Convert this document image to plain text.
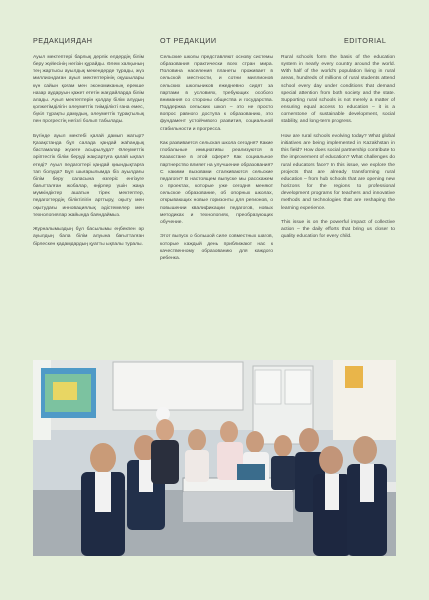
РЕДАКЦИЯДАН	ОТ РЕДАКЦИИ	EDITORIAL

Ауыл мектептері барлық дерлік елдердің білім беру жүйесінің негізін құрайды. Әлем халқының тең жартысы ауылдық мекендерде тұрады, жүз миллиондаған ауыл мектептерінің оқушылары күн сайын қоғам мен экономиканың ерекше назар аударуын қажет ететін жағдайларда білім алады. Ауыл мектептерін қолдау білім алудың қолжетімділігін әлеуметтік тиімділікті ғана емес, бүкіл тұрақты дамудың, әлеуметтік тұрақтылық пен прогрестің негізгі болып табылады.

Бүгінде ауыл мектебі қалай дамып жатыр? Қазақстанда бұл салада қандай жаһандық бастамалар жүзеге асырылуда? Әлеуметтік әріптестік білім беруді жақсартуға қалай ықпал етеді? Ауыл педагогтері қандай қиындықтарға тап болуда? Бұл шығарылымда біз ауылдағы білім беру саласына өзгеріс енгізуге бағытталған жобалар, өңірлер үшін жаңа мүмкіндіктер ашатын тірек мектептер, педагогтердің біліктілігін арттыру, оқыту мен оқытудағы инновациялық әдістемелер мен технологиялар жайында баяндаймыз.

Журналымыздың бұл басылымы еңбекпен әр ауылдың бала білім алуына бағытталған бірлескен қадамдардың қуатты ықпалы туралы.

Сельские школы представляют основу системы образования практически всех стран мира. Половина населения планеты проживает в сельской местности, и сотни миллионов сельских школьников ежедневно сидят за партами в условиях, требующих особого внимания со стороны общества и государства. Поддержка сельских школ – это не просто вопрос равного доступа к образованию, это фундамент устойчивого развития, социальной стабильности и прогресса.

Как развивается сельская школа сегодня? Какие глобальные инициативы реализуются в Казахстане в этой сфере? Как социальное партнерство влияет на улучшение образования? С какими вызовами сталкиваются сельские педагоги? В настоящем выпуске мы расскажем о проектах, которые уже сегодня меняют сельское образование, об опорных школах, открывающих новые горизонты для регионов, о повышении квалификации педагогов, новых методиках и технологиях, преобразующих обучение.

Этот выпуск о большой силе совместных шагов, которые каждый день приближают нас к качественному образованию для каждого ребенка.

Rural schools form the basis of the education system in nearly every country around the world. With half of the world's population living in rural areas, hundreds of millions of rural students attend school every day under conditions that demand special attention from both society and the state. Supporting rural schools is not merely a matter of ensuring equal access to education – it is a cornerstone of sustainable development, social stability, and long-term progress.

How are rural schools evolving today? What global initiatives are being implemented in Kazakhstan in this field? How does social partnership contribute to the improvement of education? What challenges do rural educators face? In this issue, we explore the projects that are already transforming rural education – from hub schools that are opening new horizons for the regions to professional development programs for teachers and innovative methods and technologies that are reshaping the learning experience.

This issue is on the powerful impact of collective action – the daily efforts that bring us closer to quality education for every child.
